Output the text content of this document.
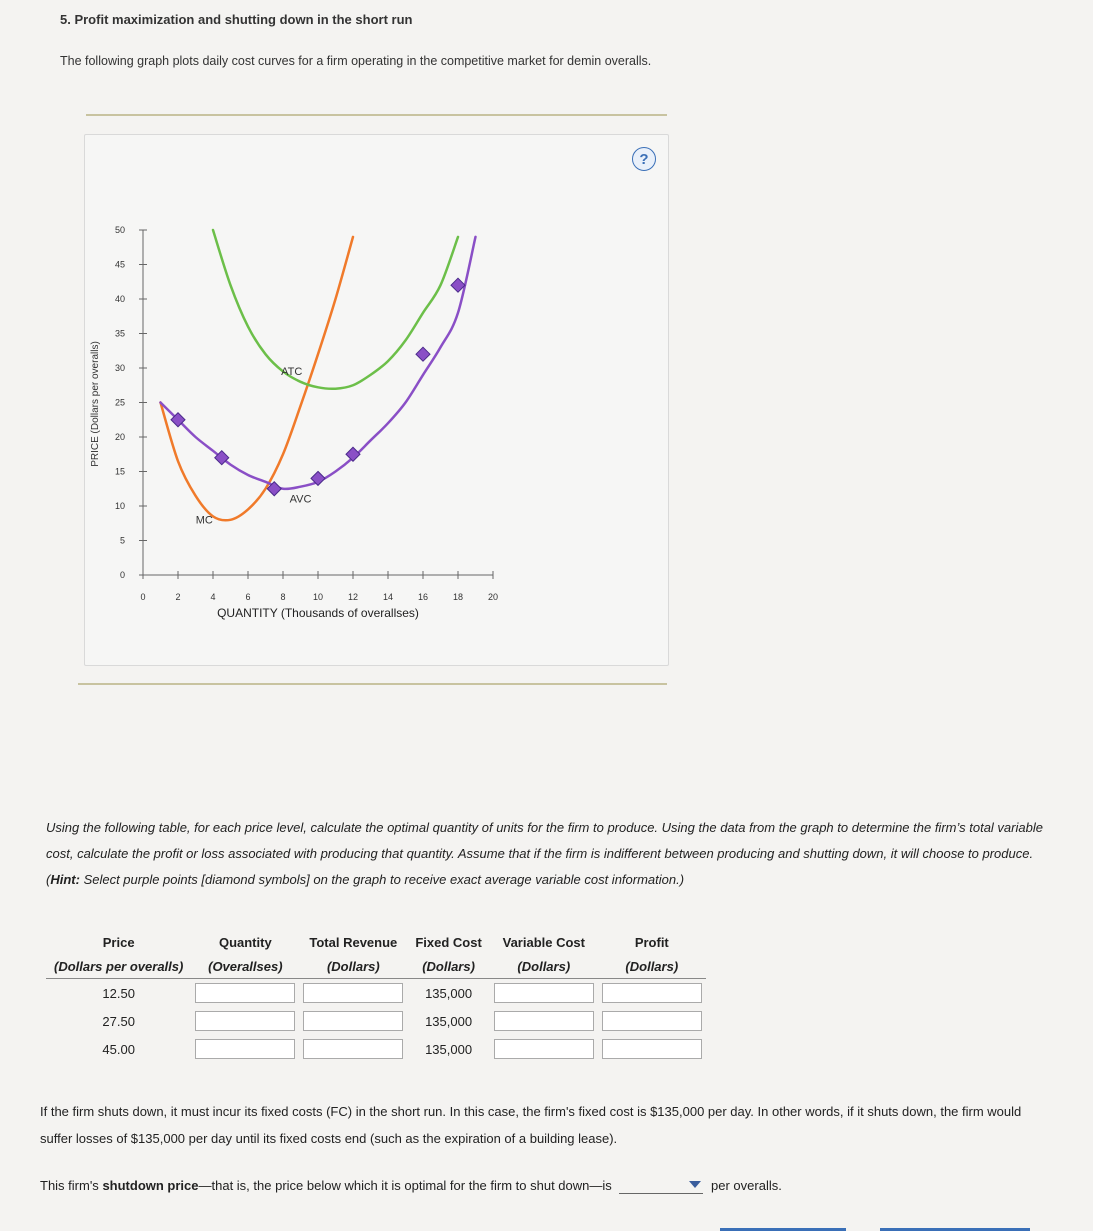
5. Profit maximization and shutting down in the short run
The following graph plots daily cost curves for a firm operating in the competitive market for demin overalls.
?
0
5
10
15
20
25
30
35
40
45
50
0	2	4	6	8	10	12	14	16	18	20
QUANTITY (Thousands of overallses)
PRICE (Dollars per overalls)
MC
ATC
AVC
Using the following table, for each price level, calculate the optimal quantity of units for the firm to produce. Using the data from the graph to determine the firm’s total variable cost, calculate the profit or loss associated with producing that quantity. Assume that if the firm is indifferent between producing and shutting down, it will choose to produce. (Hint: Select purple points [diamond symbols] on the graph to receive exact average variable cost information.)
Price	Quantity	Total Revenue	Fixed Cost	Variable Cost	Profit
(Dollars per overalls)	(Overallses)	(Dollars)	(Dollars)	(Dollars)	(Dollars)
12.50			135,000		
27.50			135,000		
45.00			135,000		
If the firm shuts down, it must incur its fixed costs (FC) in the short run. In this case, the firm's fixed cost is $135,000 per day. In other words, if it shuts down, the firm would suffer losses of $135,000 per day until its fixed costs end (such as the expiration of a building lease).
This firm's shutdown price—that is, the price below which it is optimal for the firm to shut down—is	per overalls.
